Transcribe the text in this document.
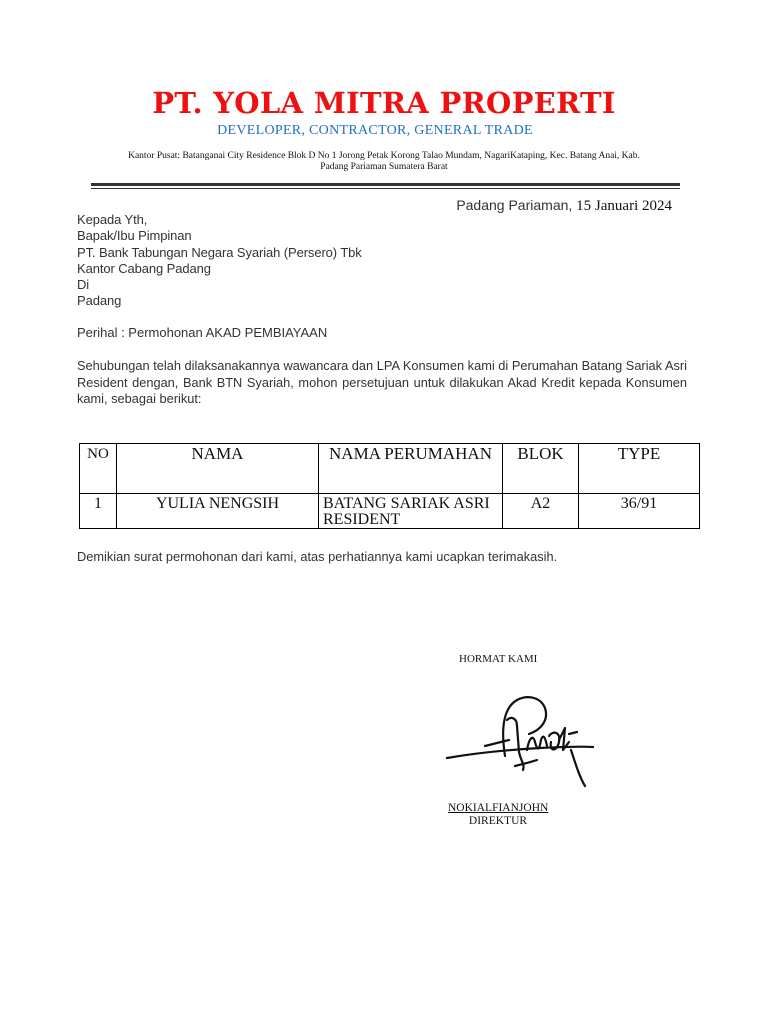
PT. YOLA MITRA PROPERTI
DEVELOPER, CONTRACTOR, GENERAL TRADE
Kantor Pusat: Batanganai City Residence Blok D No 1 Jorong Petak Korong Talao Mundam, NagariKataping, Kec. Batang Anai, Kab.
Padang Pariaman Sumatera Barat
Padang Pariaman, 15 Januari 2024
Kepada Yth,
Bapak/Ibu Pimpinan
PT. Bank Tabungan Negara Syariah (Persero) Tbk
Kantor Cabang Padang
Di
Padang
Perihal : Permohonan AKAD PEMBIAYAAN
Sehubungan telah dilaksanakannya wawancara dan LPA Konsumen kami di Perumahan Batang Sariak Asri Resident dengan, Bank BTN Syariah, mohon persetujuan untuk dilakukan Akad Kredit kepada Konsumen kami, sebagai berikut:
NO	NAMA	NAMA PERUMAHAN	BLOK	TYPE
1	YULIA NENGSIH	BATANG SARIAK ASRI RESIDENT	A2	36/91
Demikian surat permohonan dari kami, atas perhatiannya kami ucapkan terimakasih.
HORMAT KAMI
NOKIALFIANJOHN
DIREKTUR
